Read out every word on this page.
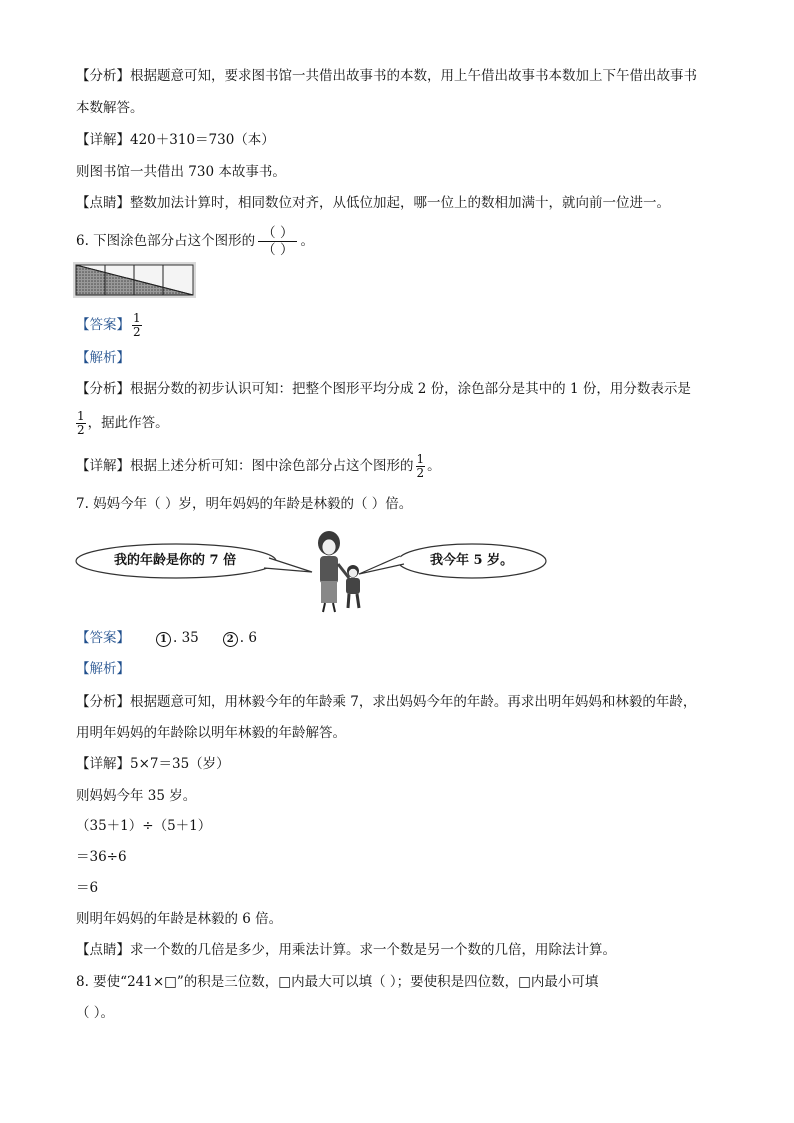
【分析】根据题意可知，要求图书馆一共借出故事书的本数，用上午借出故事书本数加上下午借出故事书
本数解答。
【详解】420＋310＝730（本）
则图书馆一共借出 730 本故事书。
【点睛】整数加法计算时，相同数位对齐，从低位加起，哪一位上的数相加满十，就向前一位进一。
6. 下图涂色部分占这个图形的 （ ）
（ ）
。
【答案】 $\frac{1}{2}$
【解析】
【分析】根据分数的初步认识可知：把整个图形平均分成 2 份，涂色部分是其中的 1 份，用分数表示是
$\frac{1}{2}$ ，据此作答。
【详解】根据上述分析可知：图中涂色部分占这个图形的 $\frac{1}{2}$ 。
7. 妈妈今年（ ）岁，明年妈妈的年龄是林毅的（ ）倍。
我的年龄是你的 7 倍	我今年 5 岁。
【答案】	1 . 35	2 . 6
【解析】
【分析】根据题意可知，用林毅今年的年龄乘 7，求出妈妈今年的年龄。再求出明年妈妈和林毅的年龄，
用明年妈妈的年龄除以明年林毅的年龄解答。
【详解】5×7＝35（岁）
则妈妈今年 35 岁。
（35＋1）÷（5＋1）
＝36÷6
＝6
则明年妈妈的年龄是林毅的 6 倍。
【点睛】求一个数的几倍是多少，用乘法计算。求一个数是另一个数的几倍，用除法计算。
8. 要使“241×□”的积是三位数，□内最大可以填（ ）；要使积是四位数，□内最小可填
（ ）。
